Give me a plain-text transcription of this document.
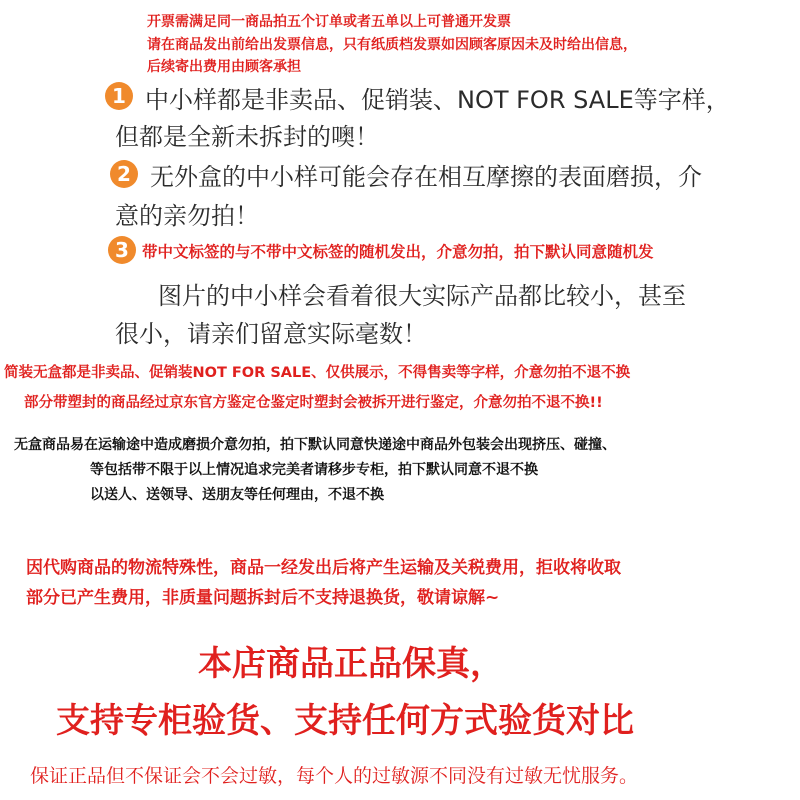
开票需满足同一商品拍五个订单或者五单以上可普通开发票
请在商品发出前给出发票信息，只有纸质档发票如因顾客原因未及时给出信息，
后续寄出费用由顾客承担
1 中小样都是非卖品、促销装、NOT FOR SALE等字样，
但都是全新未拆封的噢！
2 无外盒的中小样可能会存在相互摩擦的表面磨损，介
意的亲勿拍！
3 带中文标签的与不带中文标签的随机发出，介意勿拍，拍下默认同意随机发
图片的中小样会看着很大实际产品都比较小，甚至
很小，请亲们留意实际毫数！
简装无盒都是非卖品、促销装NOT FOR SALE、仅供展示，不得售卖等字样，介意勿拍不退不换
部分带塑封的商品经过京东官方鉴定仓鉴定时塑封会被拆开进行鉴定，介意勿拍不退不换!!
无盒商品易在运输途中造成磨损介意勿拍，拍下默认同意快递途中商品外包装会出现挤压、碰撞、
等包括带不限于以上情况追求完美者请移步专柜，拍下默认同意不退不换
以送人、送领导、送朋友等任何理由，不退不换
因代购商品的物流特殊性，商品一经发出后将产生运输及关税费用，拒收将收取
部分已产生费用，非质量问题拆封后不支持退换货，敬请谅解~
本店商品正品保真，
支持专柜验货、支持任何方式验货对比
保证正品但不保证会不会过敏，每个人的过敏源不同没有过敏无忧服务。
